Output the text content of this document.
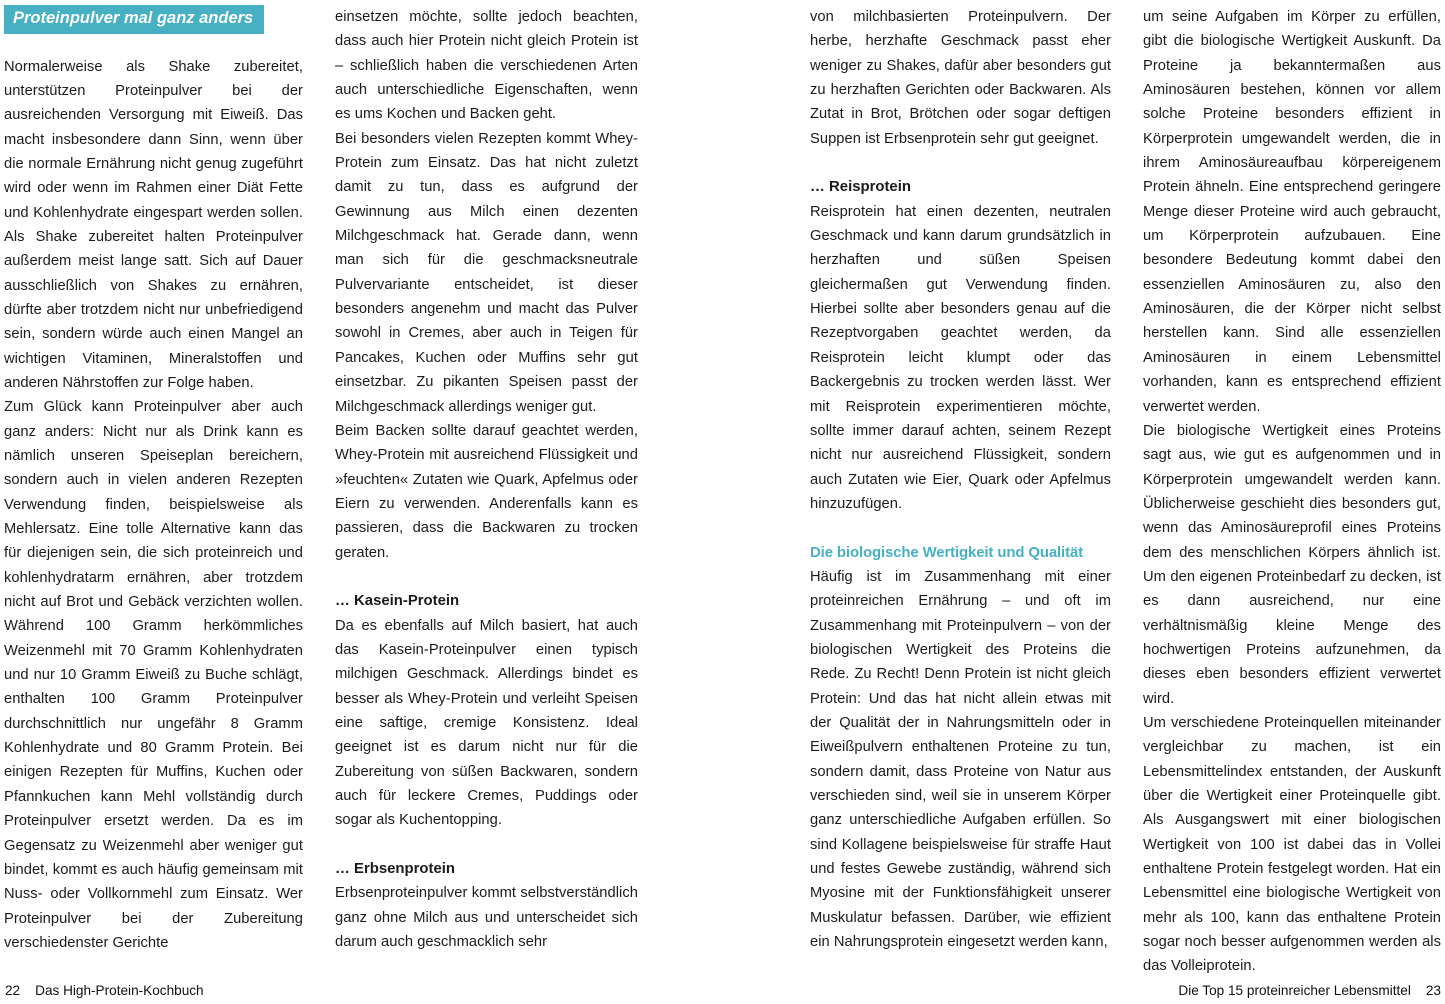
Proteinpulver mal ganz anders

Normalerweise als Shake zubereitet, unterstützen Proteinpulver bei der ausreichenden Versorgung mit Eiweiß. Das macht insbesondere dann Sinn, wenn über die normale Ernährung nicht genug zugeführt wird oder wenn im Rahmen einer Diät Fette und Kohlenhydrate eingespart werden sollen. Als Shake zubereitet halten Proteinpulver außerdem meist lange satt. Sich auf Dauer ausschließlich von Shakes zu ernähren, dürfte aber trotzdem nicht nur unbefriedigend sein, sondern würde auch einen Mangel an wichtigen Vitaminen, Mineralstoffen und anderen Nährstoffen zur Folge haben.

Zum Glück kann Proteinpulver aber auch ganz anders: Nicht nur als Drink kann es nämlich unseren Speiseplan bereichern, sondern auch in vielen anderen Rezepten Verwendung finden, beispielsweise als Mehlersatz. Eine tolle Alternative kann das für diejenigen sein, die sich proteinreich und kohlenhydratarm ernähren, aber trotzdem nicht auf Brot und Gebäck verzichten wollen. Während 100 Gramm herkömmliches Weizenmehl mit 70 Gramm Kohlenhydraten und nur 10 Gramm Eiweiß zu Buche schlägt, enthalten 100 Gramm Proteinpulver durchschnittlich nur ungefähr 8 Gramm Kohlenhydrate und 80 Gramm Protein. Bei einigen Rezepten für Muffins, Kuchen oder Pfannkuchen kann Mehl vollständig durch Proteinpulver ersetzt werden. Da es im Gegensatz zu Weizenmehl aber weniger gut bindet, kommt es auch häufig gemeinsam mit Nuss- oder Vollkornmehl zum Einsatz. Wer Proteinpulver bei der Zubereitung verschiedenster Gerichte

einsetzen möchte, sollte jedoch beachten, dass auch hier Protein nicht gleich Protein ist – schließlich haben die verschiedenen Arten auch unterschiedliche Eigenschaften, wenn es ums Kochen und Backen geht.

Bei besonders vielen Rezepten kommt Whey-Protein zum Einsatz. Das hat nicht zuletzt damit zu tun, dass es aufgrund der Gewinnung aus Milch einen dezenten Milchgeschmack hat. Gerade dann, wenn man sich für die geschmacksneutrale Pulvervariante entscheidet, ist dieser besonders angenehm und macht das Pulver sowohl in Cremes, aber auch in Teigen für Pancakes, Kuchen oder Muffins sehr gut einsetzbar. Zu pikanten Speisen passt der Milchgeschmack allerdings weniger gut.

Beim Backen sollte darauf geachtet werden, Whey-Protein mit ausreichend Flüssigkeit und »feuchten« Zutaten wie Quark, Apfelmus oder Eiern zu verwenden. Anderenfalls kann es passieren, dass die Backwaren zu trocken geraten.

… Kasein-Protein

Da es ebenfalls auf Milch basiert, hat auch das Kasein-Proteinpulver einen typisch milchigen Geschmack. Allerdings bindet es besser als Whey-Protein und verleiht Speisen eine saftige, cremige Konsistenz. Ideal geeignet ist es darum nicht nur für die Zubereitung von süßen Backwaren, sondern auch für leckere Cremes, Puddings oder sogar als Kuchentopping.

… Erbsenprotein

Erbsenproteinpulver kommt selbstverständlich ganz ohne Milch aus und unterscheidet sich darum auch geschmacklich sehr

von milchbasierten Proteinpulvern. Der herbe, herzhafte Geschmack passt eher weniger zu Shakes, dafür aber besonders gut zu herzhaften Gerichten oder Backwaren. Als Zutat in Brot, Brötchen oder sogar deftigen Suppen ist Erbsenprotein sehr gut geeignet.

… Reisprotein

Reisprotein hat einen dezenten, neutralen Geschmack und kann darum grundsätzlich in herzhaften und süßen Speisen gleichermaßen gut Verwendung finden. Hierbei sollte aber besonders genau auf die Rezeptvorgaben geachtet werden, da Reisprotein leicht klumpt oder das Backergebnis zu trocken werden lässt. Wer mit Reisprotein experimentieren möchte, sollte immer darauf achten, seinem Rezept nicht nur ausreichend Flüssigkeit, sondern auch Zutaten wie Eier, Quark oder Apfelmus hinzuzufügen.

Die biologische Wertigkeit und Qualität

Häufig ist im Zusammenhang mit einer proteinreichen Ernährung – und oft im Zusammenhang mit Proteinpulvern – von der biologischen Wertigkeit des Proteins die Rede. Zu Recht! Denn Protein ist nicht gleich Protein: Und das hat nicht allein etwas mit der Qualität der in Nahrungsmitteln oder in Eiweißpulvern enthaltenen Proteine zu tun, sondern damit, dass Proteine von Natur aus verschieden sind, weil sie in unserem Körper ganz unterschiedliche Aufgaben erfüllen. So sind Kollagene beispielsweise für straffe Haut und festes Gewebe zuständig, während sich Myosine mit der Funktionsfähigkeit unserer Muskulatur befassen. Darüber, wie effizient ein Nahrungsprotein eingesetzt werden kann,

um seine Aufgaben im Körper zu erfüllen, gibt die biologische Wertigkeit Auskunft. Da Proteine ja bekanntermaßen aus Aminosäuren bestehen, können vor allem solche Proteine besonders effizient in Körperprotein umgewandelt werden, die in ihrem Aminosäureaufbau körpereigenem Protein ähneln. Eine entsprechend geringere Menge dieser Proteine wird auch gebraucht, um Körperprotein aufzubauen. Eine besondere Bedeutung kommt dabei den essenziellen Aminosäuren zu, also den Aminosäuren, die der Körper nicht selbst herstellen kann. Sind alle essenziellen Aminosäuren in einem Lebensmittel vorhanden, kann es entsprechend effizient verwertet werden.

Die biologische Wertigkeit eines Proteins sagt aus, wie gut es aufgenommen und in Körperprotein umgewandelt werden kann. Üblicherweise geschieht dies besonders gut, wenn das Aminosäureprofil eines Proteins dem des menschlichen Körpers ähnlich ist. Um den eigenen Proteinbedarf zu decken, ist es dann ausreichend, nur eine verhältnismäßig kleine Menge des hochwertigen Proteins aufzunehmen, da dieses eben besonders effizient verwertet wird.

Um verschiedene Proteinquellen miteinander vergleichbar zu machen, ist ein Lebensmittelindex entstanden, der Auskunft über die Wertigkeit einer Proteinquelle gibt. Als Ausgangswert mit einer biologischen Wertigkeit von 100 ist dabei das in Vollei enthaltene Protein festgelegt worden. Hat ein Lebensmittel eine biologische Wertigkeit von mehr als 100, kann das enthaltene Protein sogar noch besser aufgenommen werden als das Volleiprotein.

22 Das High-Protein-Kochbuch	Die Top 15 proteinreicher Lebensmittel 23
